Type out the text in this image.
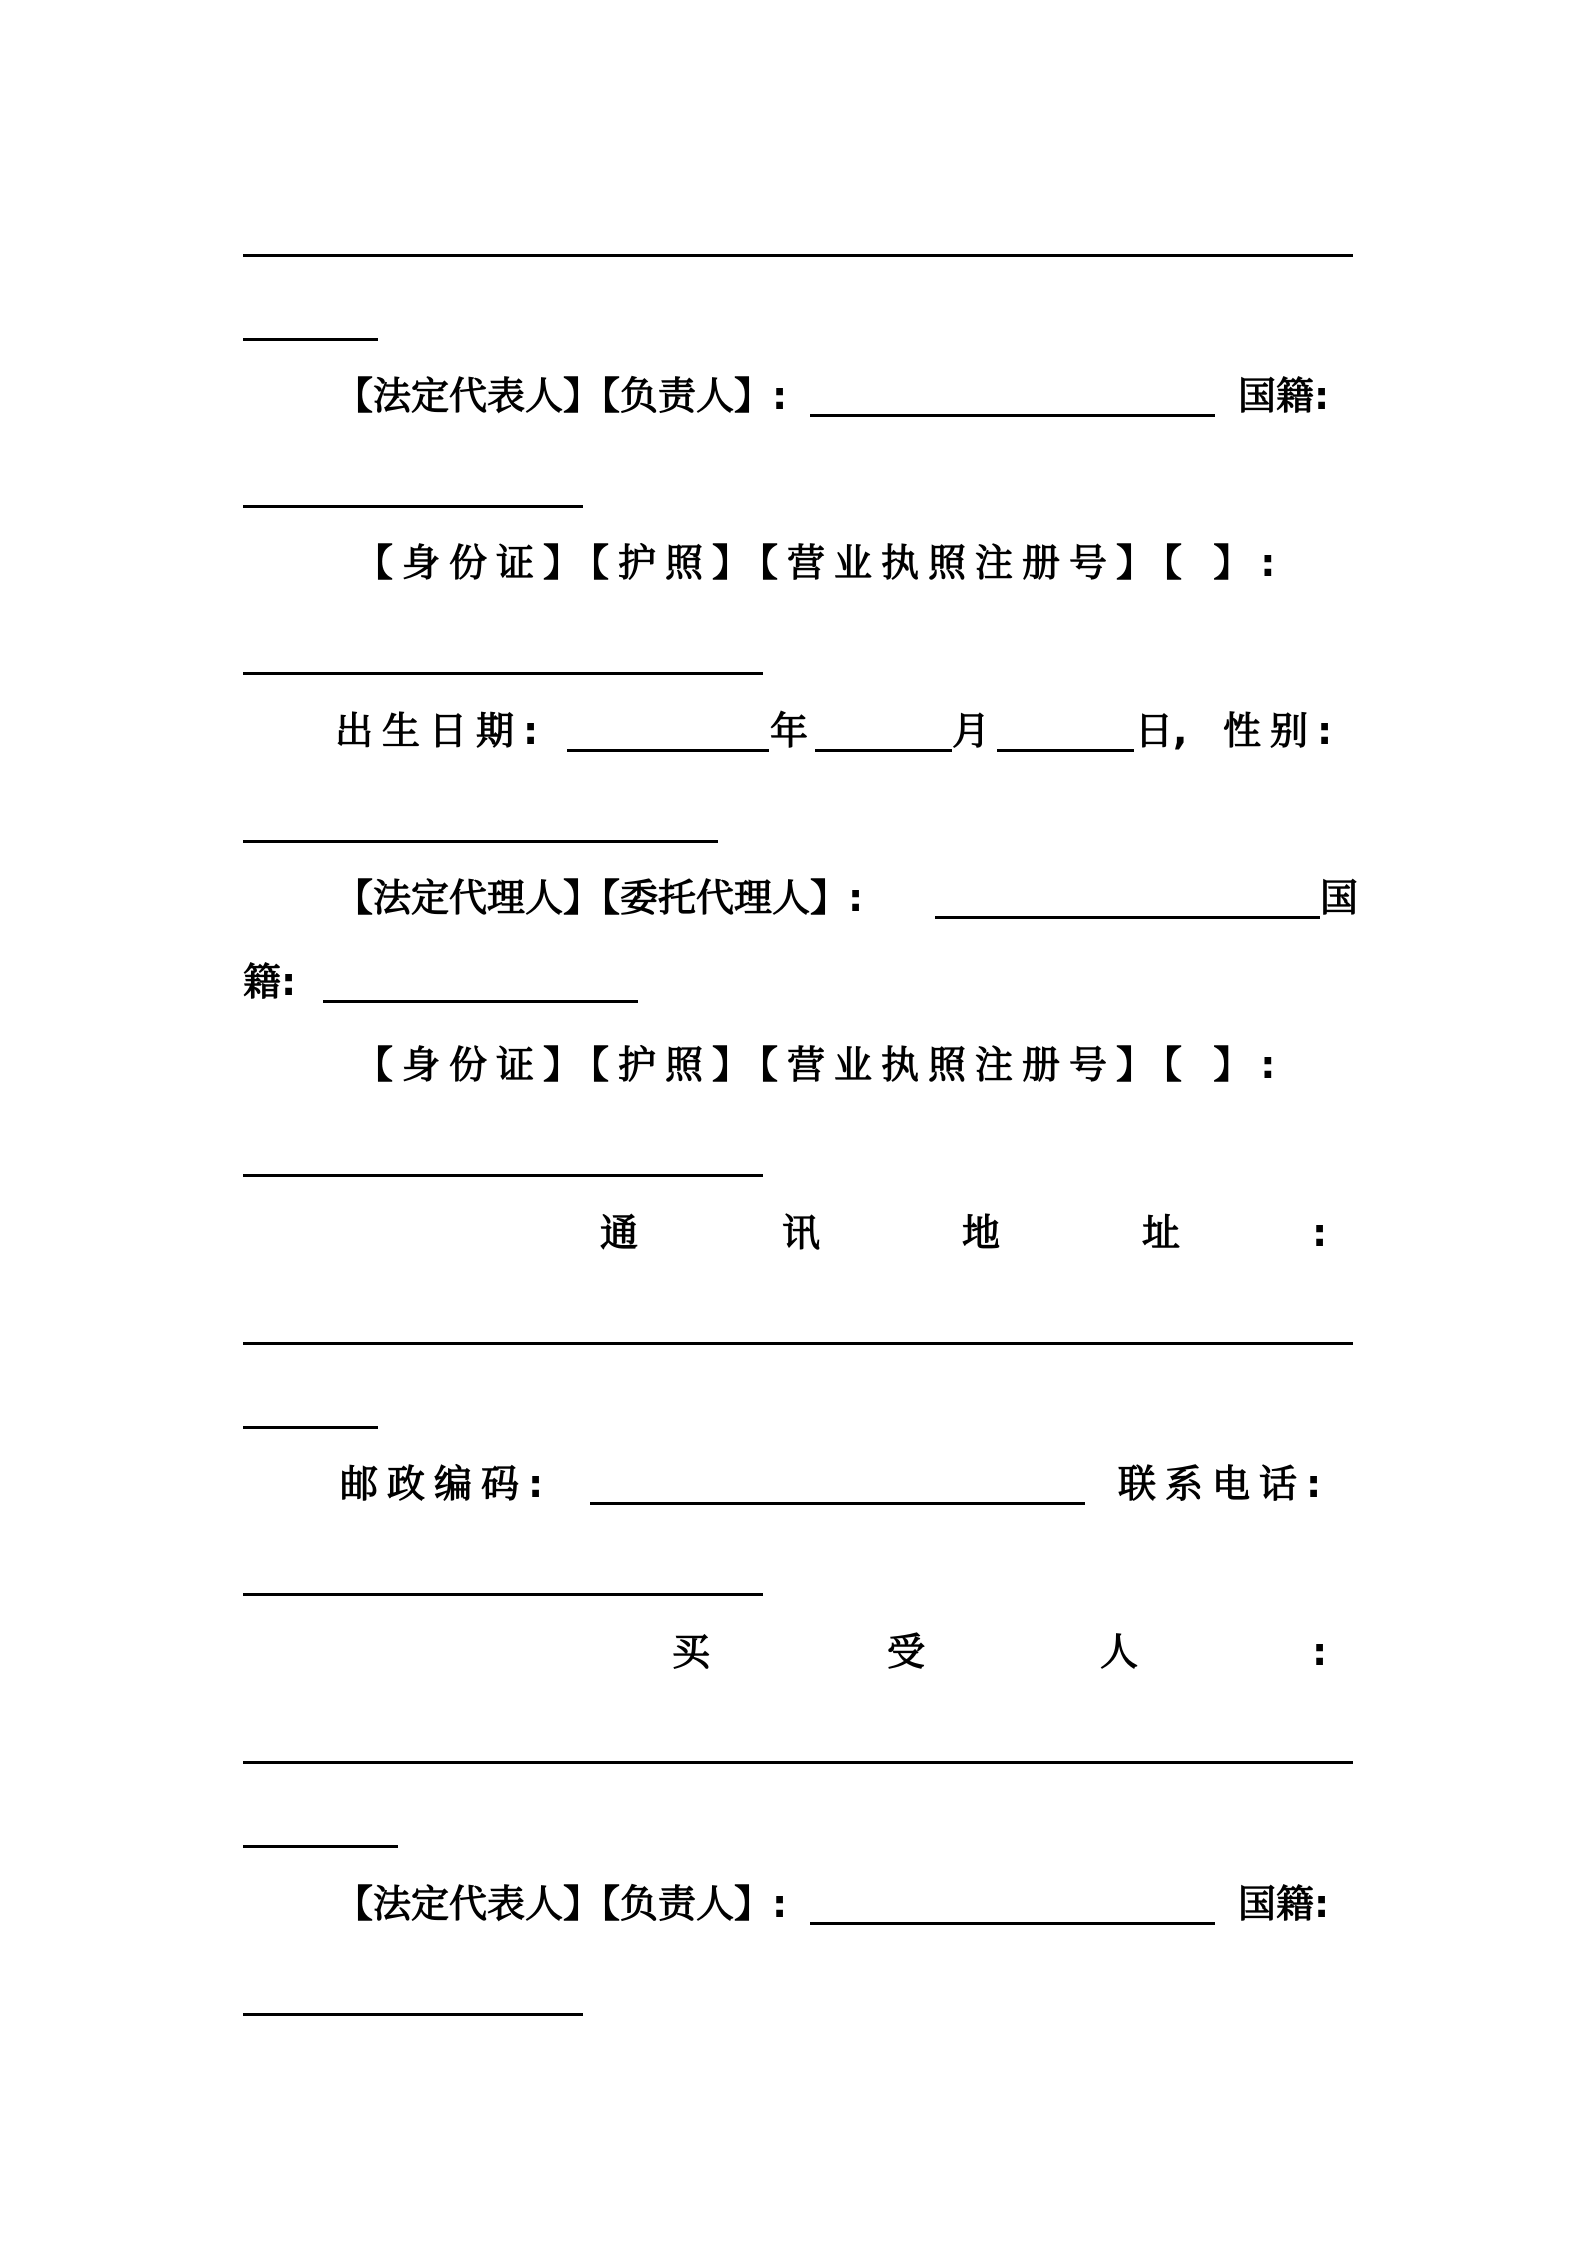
【法定代表人】【负责人】:	国籍:
【身份证】【护照】【营业执照注册号】【 】:
出生日期:	年	月	日, 性别:
【法定代理人】【委托代理人】:	国
籍:
【身份证】【护照】【营业执照注册号】【 】:
通	讯	地	址	:
邮政编码:	联系电话:
买	受	人	:
【法定代表人】【负责人】:	国籍:
